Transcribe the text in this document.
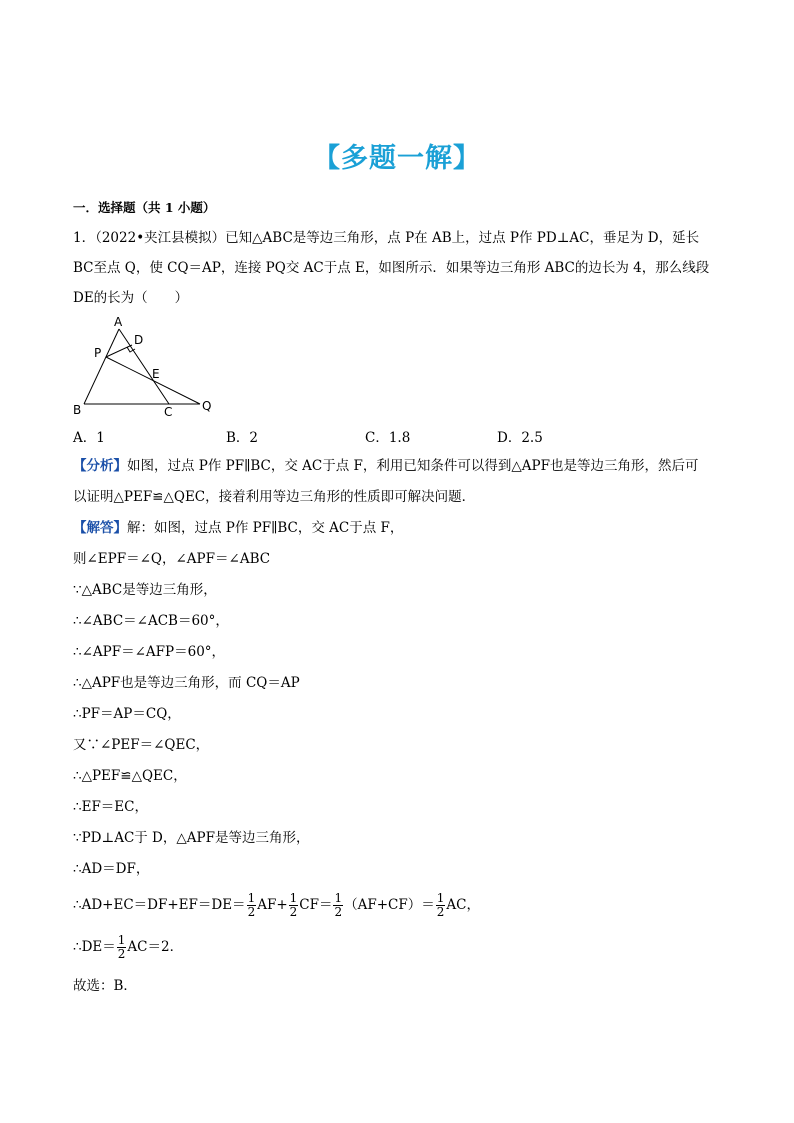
【多题一解】
一．选择题（共 1 小题）
1．（2022•夹江县模拟）已知△ABC是等边三角形，点 P在 AB上，过点 P作 PD⊥AC，垂足为 D，延长
BC至点 Q，使 CQ＝AP，连接 PQ交 AC于点 E，如图所示．如果等边三角形 ABC的边长为 4，那么线段
DE的长为（　　）
A
B	C
D
E
P
Q
A．1	B．2	C．1.8	D．2.5
【分析】如图，过点 P作 PF∥BC，交 AC于点 F，利用已知条件可以得到△APF也是等边三角形，然后可
以证明△PEF≌△QEC，接着利用等边三角形的性质即可解决问题．
【解答】解：如图，过点 P作 PF∥BC，交 AC于点 F，
则∠EPF＝∠Q，∠APF＝∠ABC
∵△ABC是等边三角形，
∴∠ABC＝∠ACB＝60°，
∴∠APF＝∠AFP＝60°，
∴△APF也是等边三角形，而 CQ＝AP
∴PF＝AP＝CQ，
又∵∠PEF＝∠QEC，
∴△PEF≌△QEC，
∴EF＝EC，
∵PD⊥AC于 D，△APF是等边三角形，
∴AD＝DF，
∴AD+EC＝DF+EF＝DE＝ $\frac{1}{2} AF+ \frac{1}{2} CF= \frac{1}{2} (AF+CF)= \frac{1}{2}$ AC，
∴DE＝ $\frac{1}{2} AC=2$．
故选：B．
